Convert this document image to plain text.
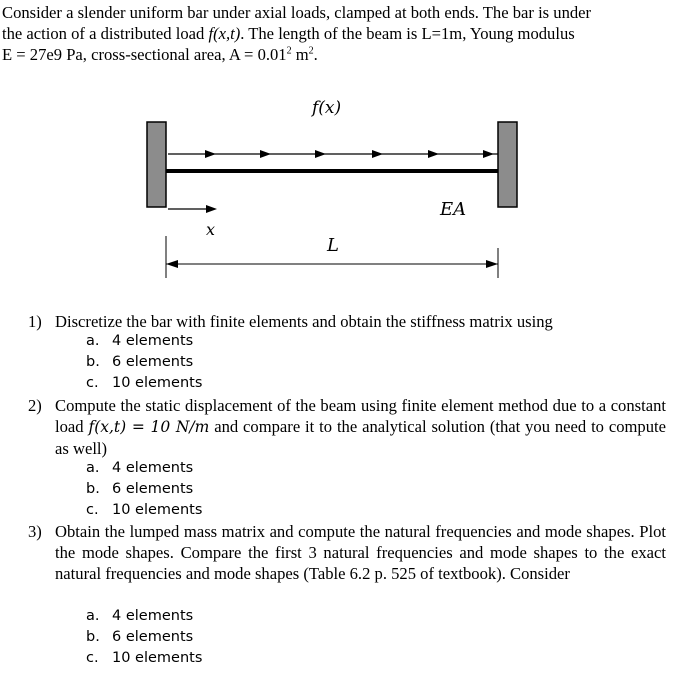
Consider a slender uniform bar under axial loads, clamped at both ends. The bar is under
the action of a distributed load f(x,t). The length of the beam is L=1m, Young modulus
E = 27e9 Pa, cross-sectional area, $A = 0.01^2$ $m^2$.
f(x)
EA
x
L
1) Discretize the bar with finite elements and obtain the stiffness matrix using
a. 4 elements
b. 6 elements
c. 10 elements
2) Compute the static displacement of the beam using finite element method due to a constant load f(x,t) = 10 N/m and compare it to the analytical solution (that you need to compute as well)
a. 4 elements
b. 6 elements
c. 10 elements
3) Obtain the lumped mass matrix and compute the natural frequencies and mode shapes. Plot the mode shapes. Compare the first 3 natural frequencies and mode shapes to the exact natural frequencies and mode shapes (Table 6.2 p. 525 of textbook). Consider
a. 4 elements
b. 6 elements
c. 10 elements
